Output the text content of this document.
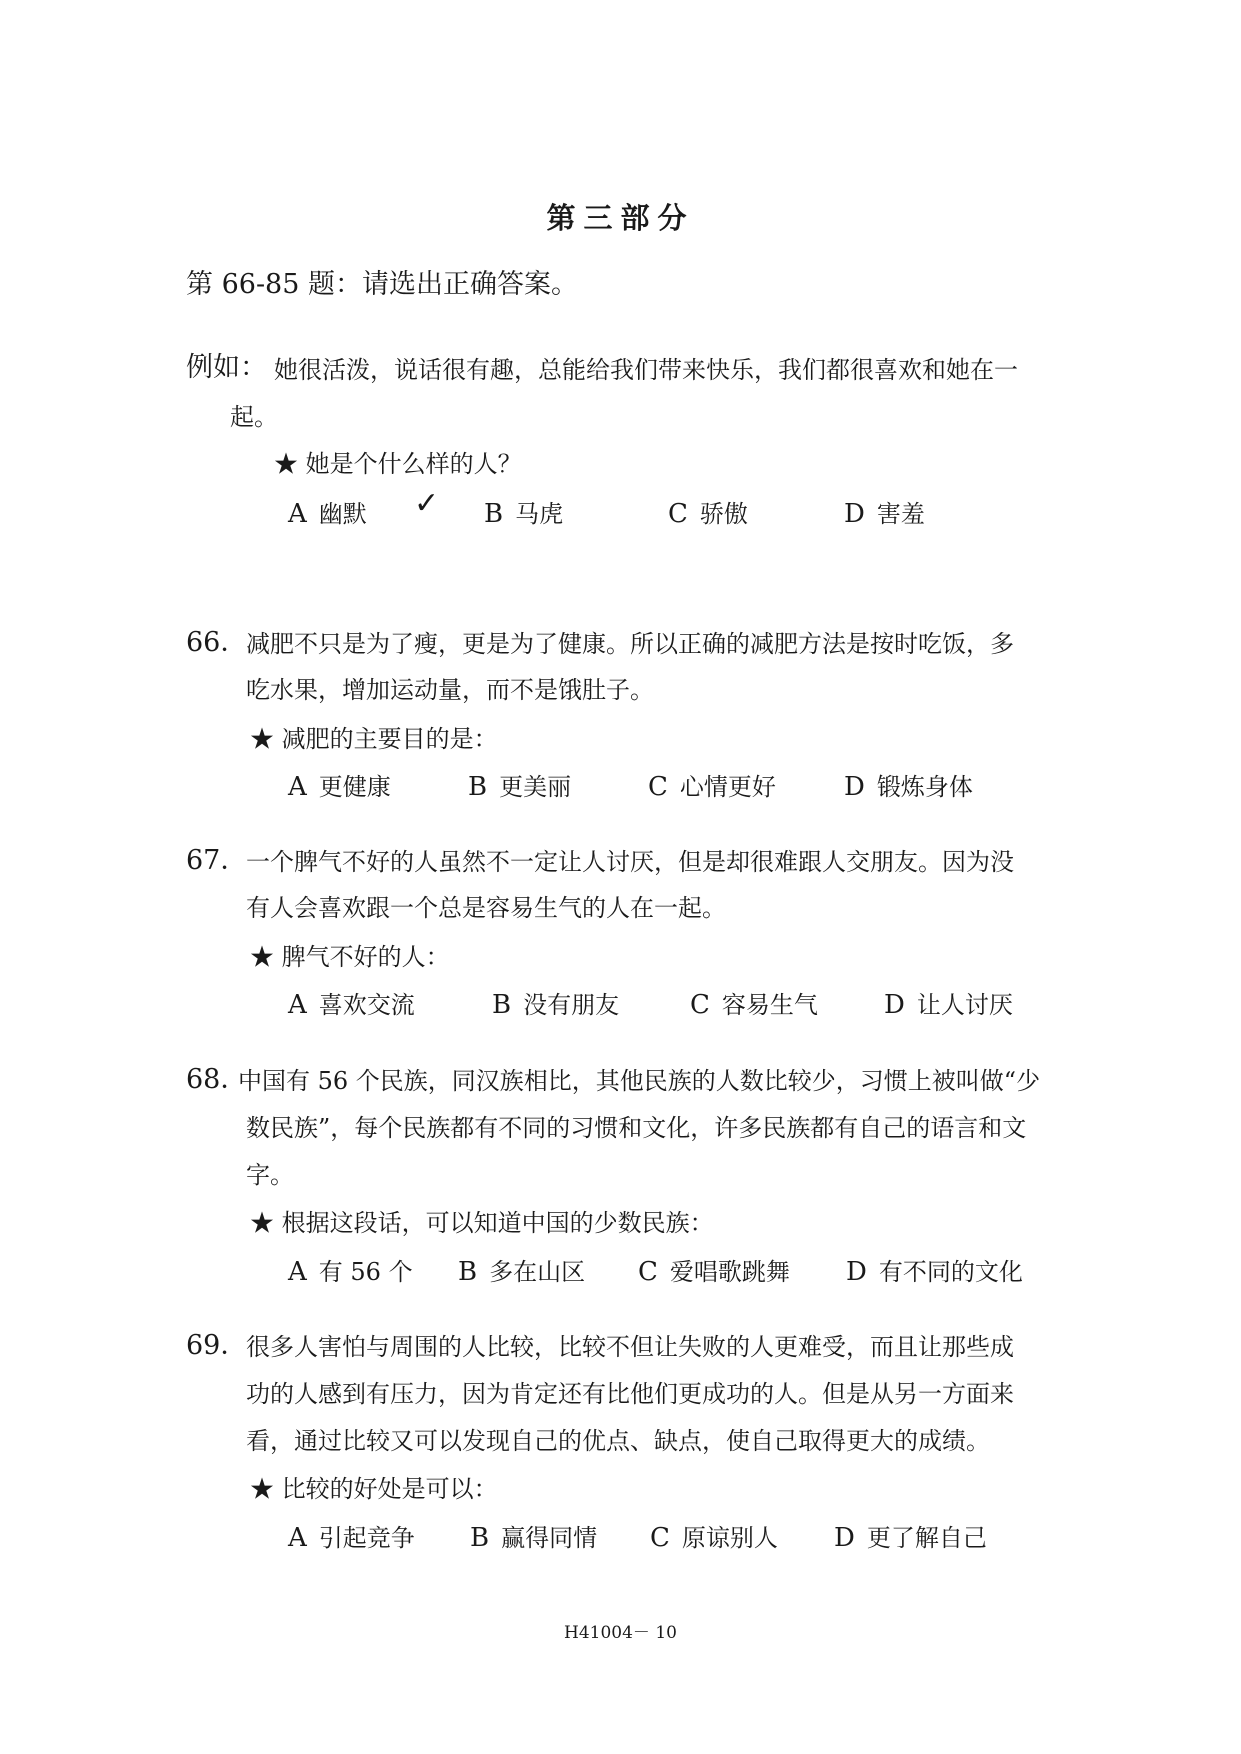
第三部分
第 66-85 题：请选出正确答案。
例如： 她很活泼，说话很有趣，总能给我们带来快乐，我们都很喜欢和她在一
起。
★ 她是个什么样的人？
A 幽默 ✓ B 马虎	C 骄傲	D 害羞
66．
减肥不只是为了瘦，更是为了健康。所以正确的减肥方法是按时吃饭，多
吃水果，增加运动量，而不是饿肚子。
★ 减肥的主要目的是：
A 更健康	B 更美丽	C 心情更好	D 锻炼身体
67．
一个脾气不好的人虽然不一定让人讨厌，但是却很难跟人交朋友。因为没
有人会喜欢跟一个总是容易生气的人在一起。
★ 脾气不好的人：
A 喜欢交流	B 没有朋友	C 容易生气	D 让人讨厌
68．
中国有 56 个民族，同汉族相比，其他民族的人数比较少，习惯上被叫做“少
数民族”，每个民族都有不同的习惯和文化，许多民族都有自己的语言和文
字。
★ 根据这段话，可以知道中国的少数民族：
A 有 56 个 B 多在山区 C 爱唱歌跳舞 D 有不同的文化
69．
很多人害怕与周围的人比较，比较不但让失败的人更难受，而且让那些成
功的人感到有压力，因为肯定还有比他们更成功的人。但是从另一方面来
看，通过比较又可以发现自己的优点、缺点，使自己取得更大的成绩。
★ 比较的好处是可以：
A 引起竞争 B 赢得同情 C 原谅别人 D 更了解自己
H41004－ 10
